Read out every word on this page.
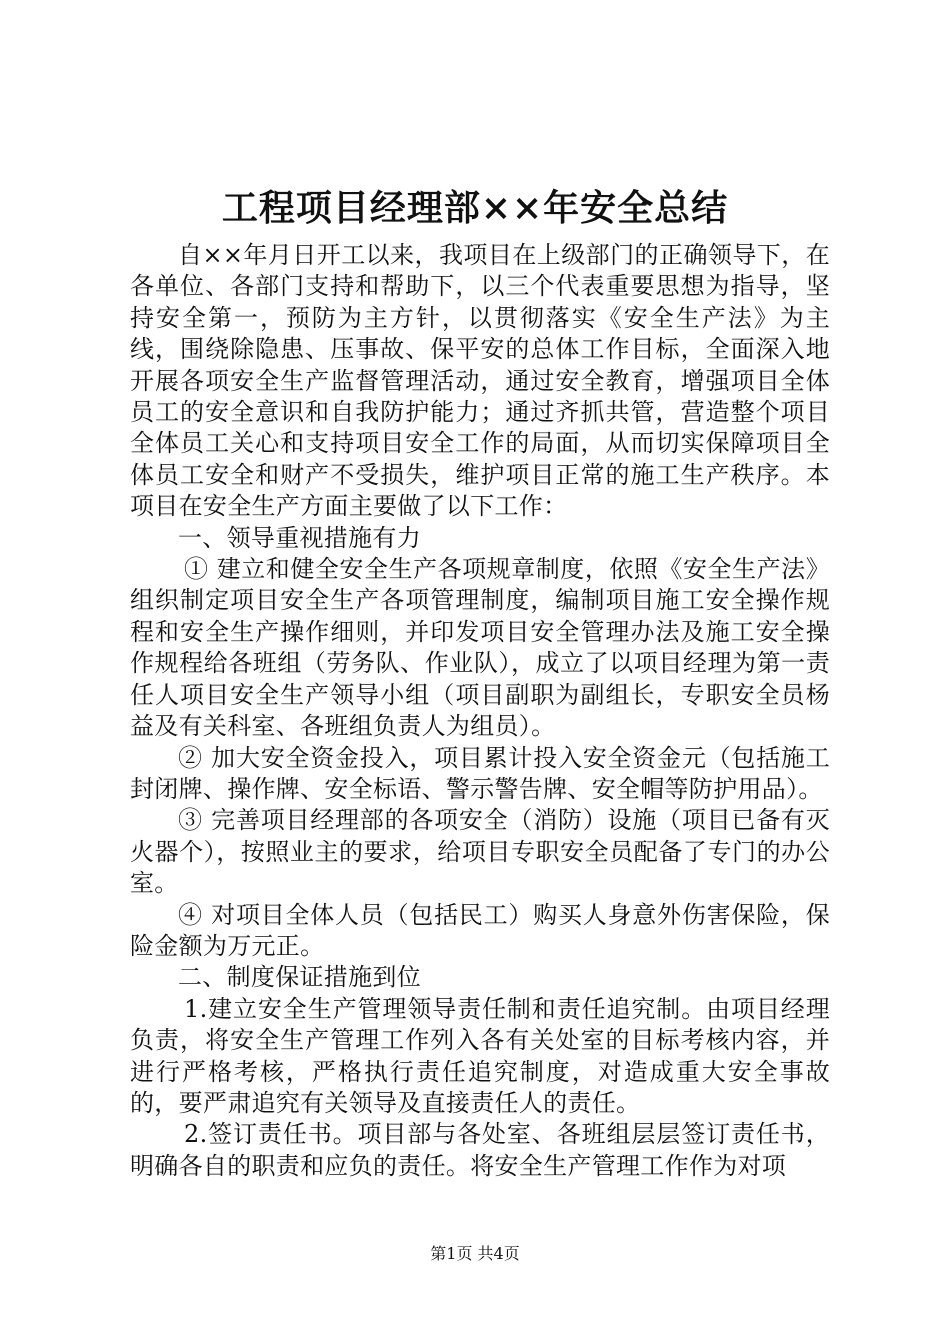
工程项目经理部××年安全总结

自××年月日开工以来，我项目在上级部门的正确领导下，在各单位、各部门支持和帮助下，以三个代表重要思想为指导，坚持安全第一，预防为主方针，以贯彻落实《安全生产法》为主线，围绕除隐患、压事故、保平安的总体工作目标，全面深入地开展各项安全生产监督管理活动，通过安全教育，增强项目全体员工的安全意识和自我防护能力；通过齐抓共管，营造整个项目全体员工关心和支持项目安全工作的局面，从而切实保障项目全体员工安全和财产不受损失，维护项目正常的施工生产秩序。本项目在安全生产方面主要做了以下工作：

一、领导重视措施有力

① 建立和健全安全生产各项规章制度，依照《安全生产法》组织制定项目安全生产各项管理制度，编制项目施工安全操作规程和安全生产操作细则，并印发项目安全管理办法及施工安全操作规程给各班组（劳务队、作业队），成立了以项目经理为第一责任人项目安全生产领导小组（项目副职为副组长，专职安全员杨益及有关科室、各班组负责人为组员）。

② 加大安全资金投入，项目累计投入安全资金元（包括施工封闭牌、操作牌、安全标语、警示警告牌、安全帽等防护用品）。

③ 完善项目经理部的各项安全（消防）设施（项目已备有灭火器个），按照业主的要求，给项目专职安全员配备了专门的办公室。

④ 对项目全体人员（包括民工）购买人身意外伤害保险，保险金额为万元正。

二、制度保证措施到位

1.建立安全生产管理领导责任制和责任追究制。由项目经理负责，将安全生产管理工作列入各有关处室的目标考核内容，并进行严格考核，严格执行责任追究制度，对造成重大安全事故的，要严肃追究有关领导及直接责任人的责任。

2.签订责任书。项目部与各处室、各班组层层签订责任书，明确各自的职责和应负的责任。将安全生产管理工作作为对项

第1页 共4页
